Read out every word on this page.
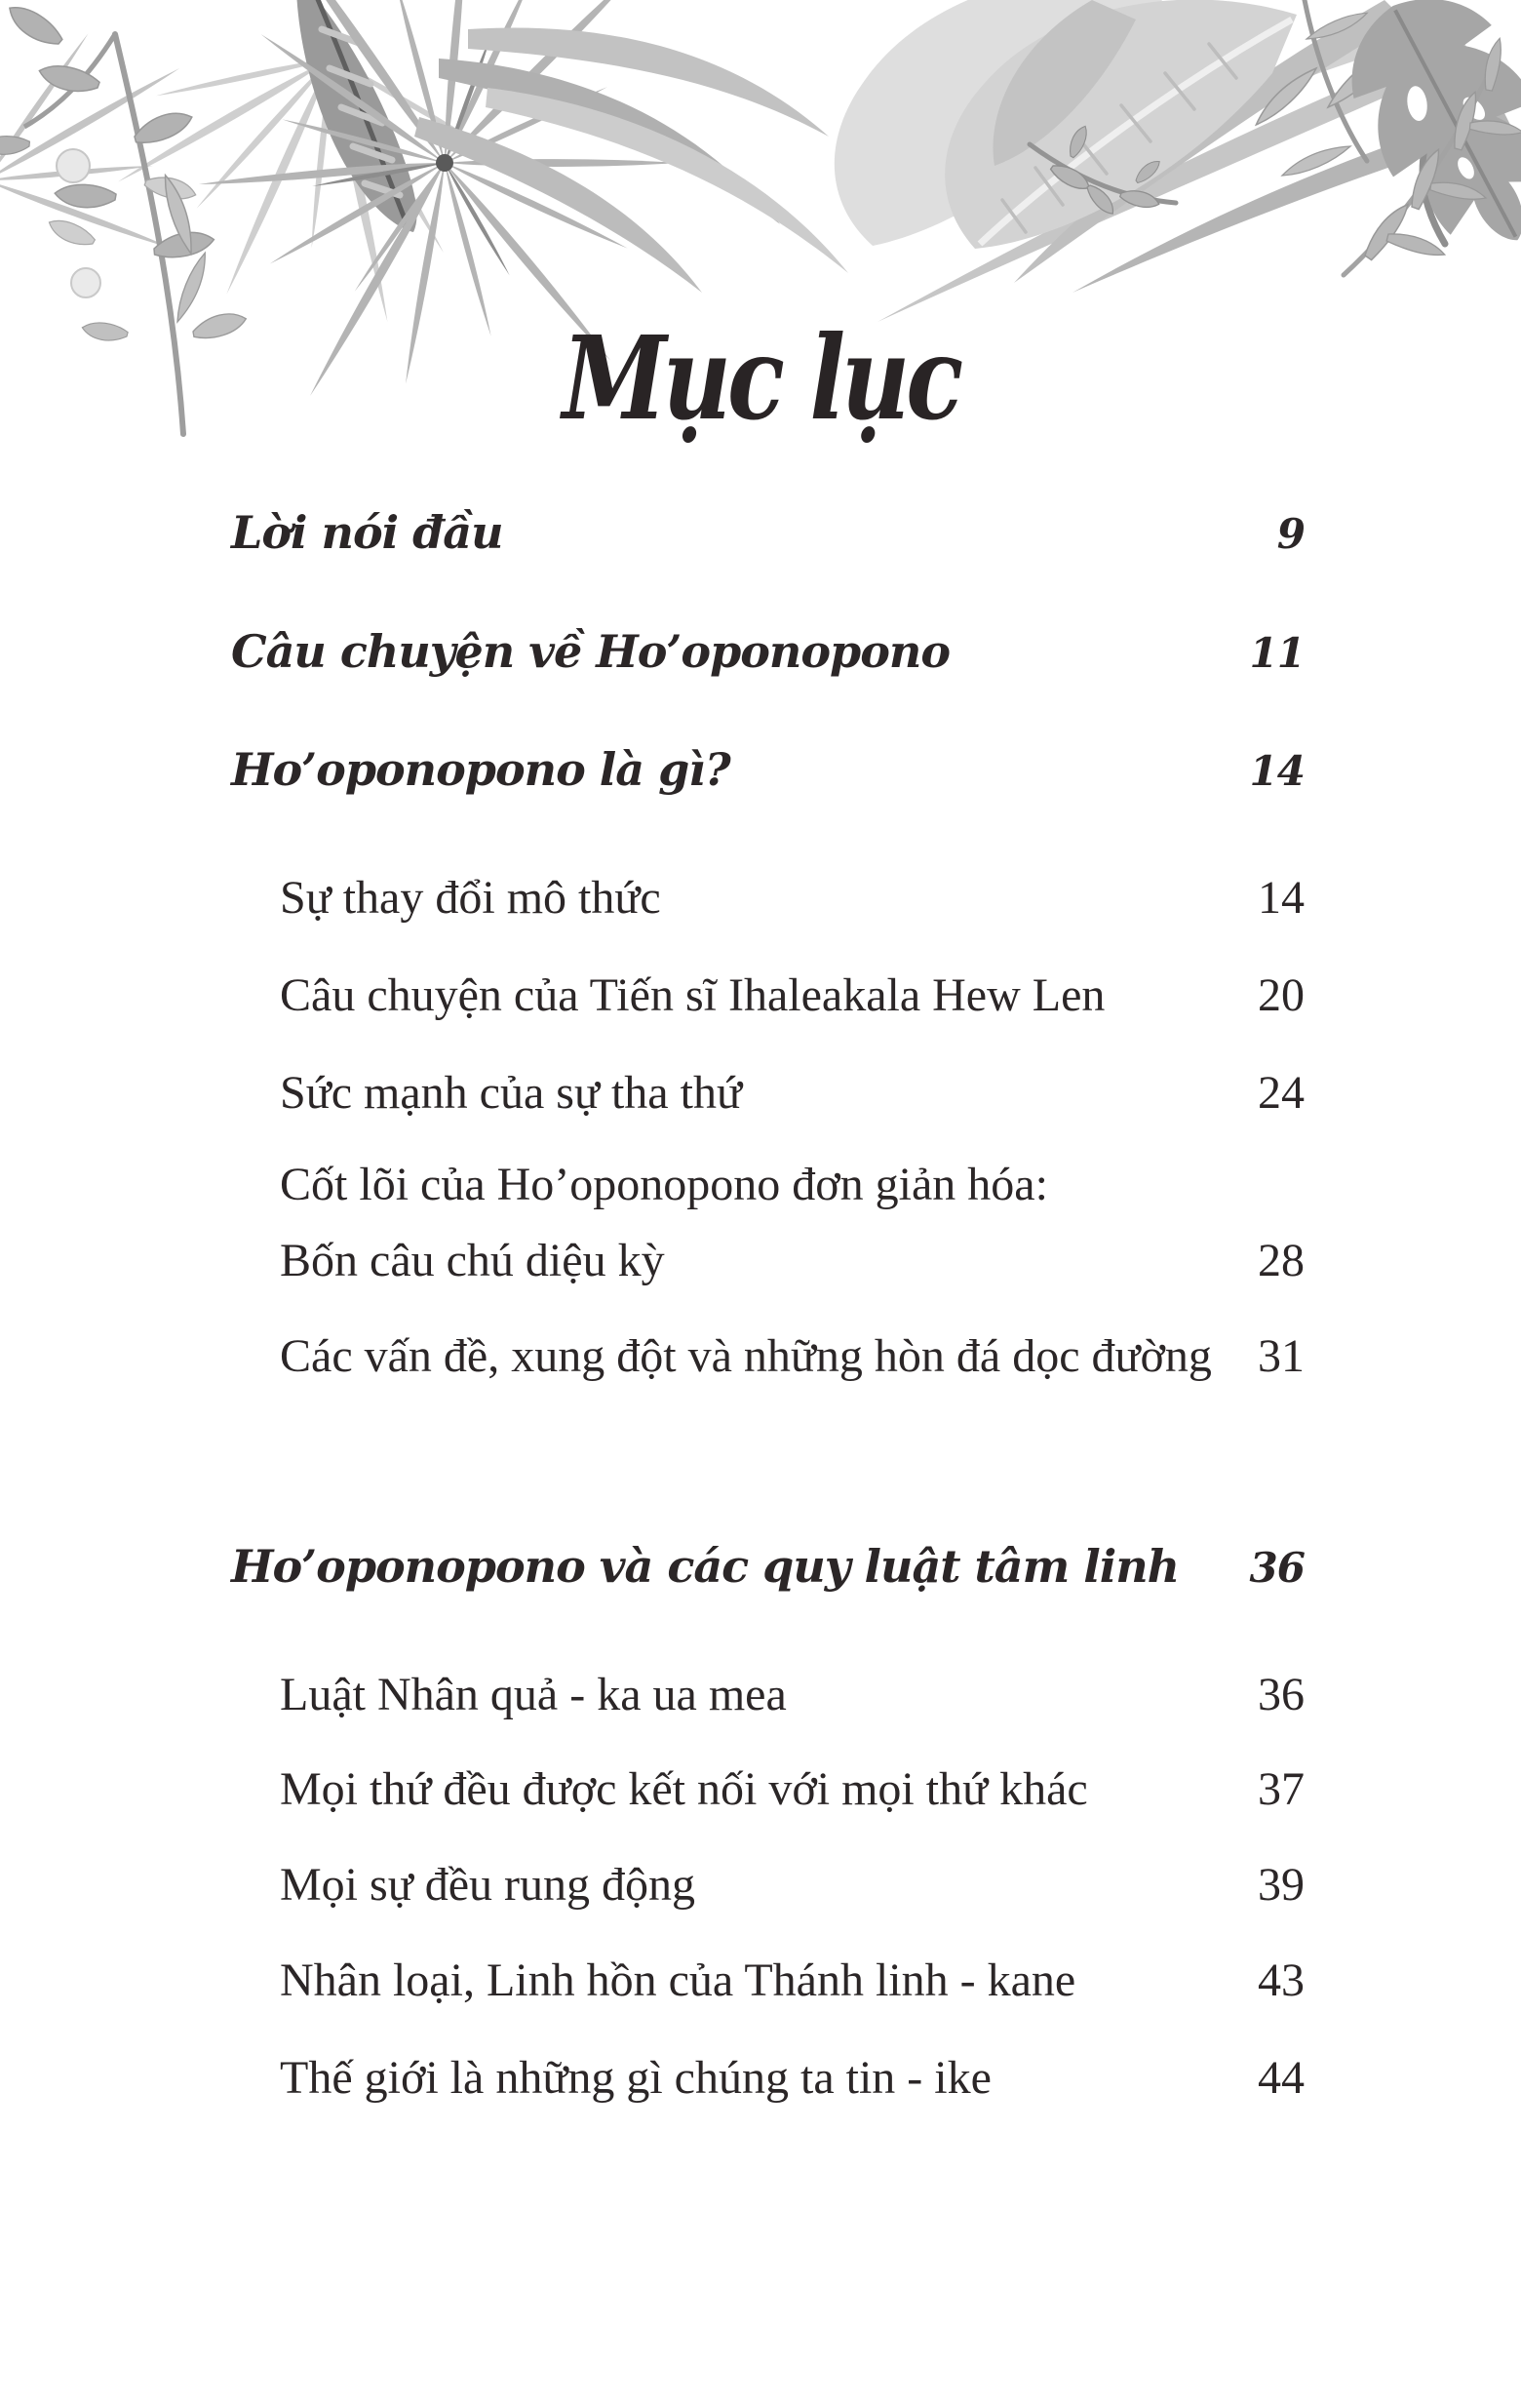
Mục lục
Lời nói đầu	9
Câu chuyện về Ho’oponopono	11
Ho’oponopono là gì?	14
Sự thay đổi mô thức	14
Câu chuyện của Tiến sĩ Ihaleakala Hew Len	20
Sức mạnh của sự tha thứ	24
Cốt lõi của Ho’oponopono đơn giản hóa:
Bốn câu chú diệu kỳ	28
Các vấn đề, xung đột và những hòn đá dọc đường 31
Ho’oponopono và các quy luật tâm linh 36
Luật Nhân quả - ka ua mea	36
Mọi thứ đều được kết nối với mọi thứ khác	37
Mọi sự đều rung động	39
Nhân loại, Linh hồn của Thánh linh - kane	43
Thế giới là những gì chúng ta tin - ike	44
